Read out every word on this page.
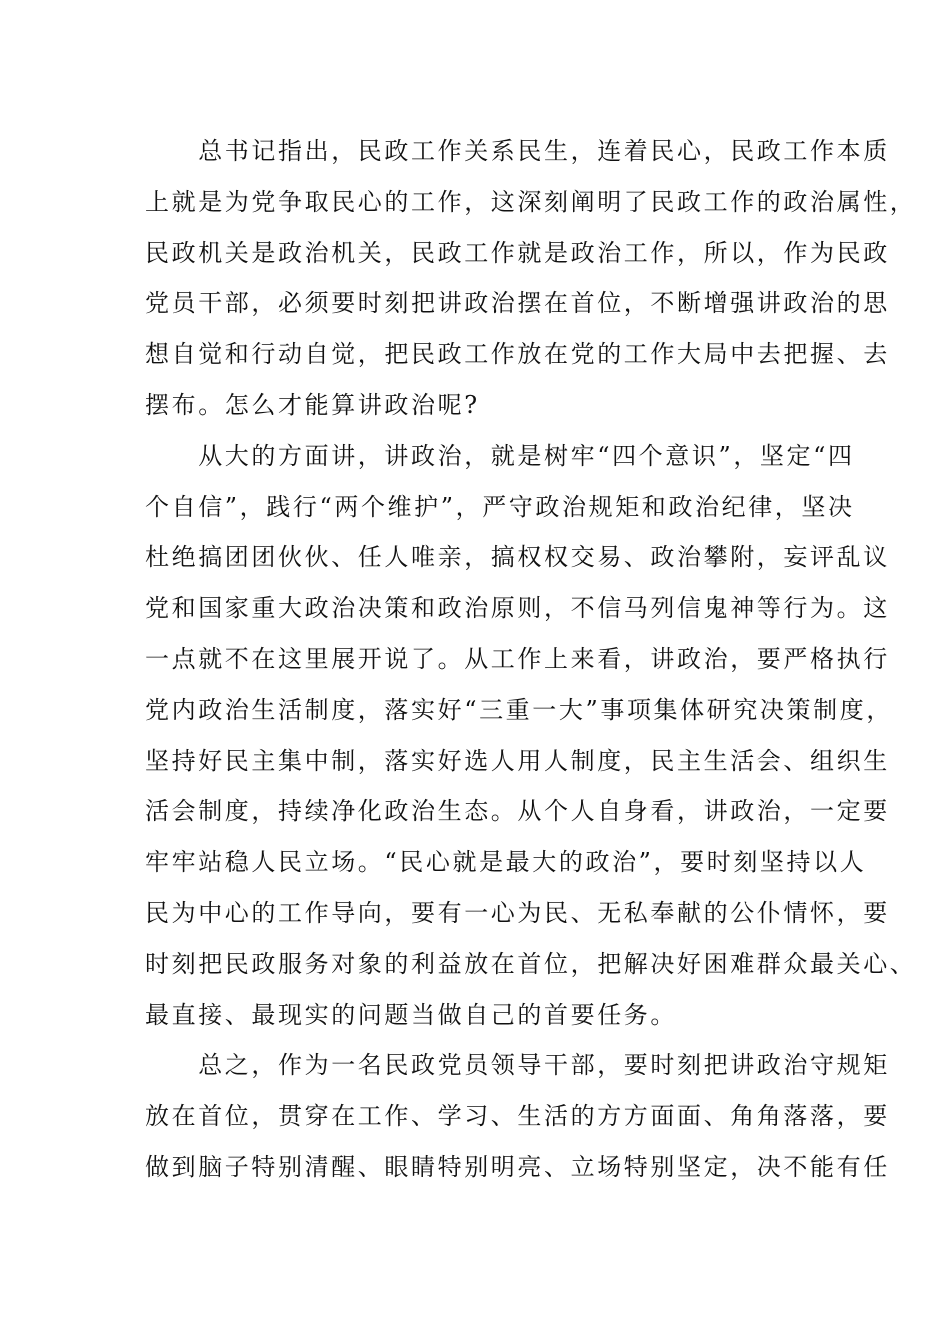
　　总书记指出，民政工作关系民生，连着民心，民政工作本质
上就是为党争取民心的工作，这深刻阐明了民政工作的政治属性，
民政机关是政治机关，民政工作就是政治工作，所以，作为民政
党员干部，必须要时刻把讲政治摆在首位，不断增强讲政治的思
想自觉和行动自觉，把民政工作放在党的工作大局中去把握、去
摆布。怎么才能算讲政治呢?
　　从大的方面讲，讲政治，就是树牢“四个意识”，坚定“四
个自信”，践行“两个维护”，严守政治规矩和政治纪律，坚决
杜绝搞团团伙伙、任人唯亲，搞权权交易、政治攀附，妄评乱议
党和国家重大政治决策和政治原则，不信马列信鬼神等行为。这
一点就不在这里展开说了。从工作上来看，讲政治，要严格执行
党内政治生活制度，落实好“三重一大”事项集体研究决策制度，
坚持好民主集中制，落实好选人用人制度，民主生活会、组织生
活会制度，持续净化政治生态。从个人自身看，讲政治，一定要
牢牢站稳人民立场。“民心就是最大的政治”，要时刻坚持以人
民为中心的工作导向，要有一心为民、无私奉献的公仆情怀，要
时刻把民政服务对象的利益放在首位，把解决好困难群众最关心、
最直接、最现实的问题当做自己的首要任务。
　　总之，作为一名民政党员领导干部，要时刻把讲政治守规矩
放在首位，贯穿在工作、学习、生活的方方面面、角角落落，要
做到脑子特别清醒、眼睛特别明亮、立场特别坚定，决不能有任
